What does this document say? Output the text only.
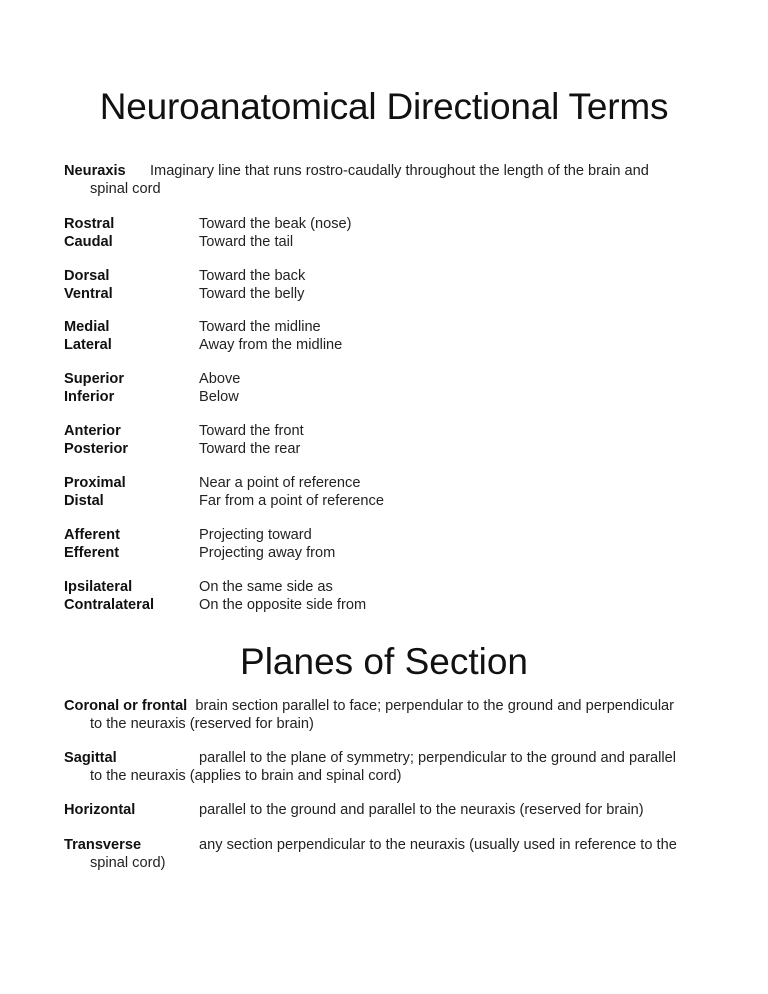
Neuroanatomical Directional Terms
Neuraxis Imaginary line that runs rostro-caudally throughout the length of the brain and
spinal cord
Rostral	Toward the beak (nose)
Caudal	Toward the tail
Dorsal	Toward the back
Ventral	Toward the belly
Medial	Toward the midline
Lateral	Away from the midline
Superior	Above
Inferior	Below
Anterior	Toward the front
Posterior	Toward the rear
Proximal	Near a point of reference
Distal	Far from a point of reference
Afferent	Projecting toward
Efferent	Projecting away from
Ipsilateral	On the same side as
Contralateral	On the opposite side from
Planes of Section
Coronal or frontal brain section parallel to face; perpendular to the ground and perpendicular
to the neuraxis (reserved for brain)
Sagittal	parallel to the plane of symmetry; perpendicular to the ground and parallel
to the neuraxis (applies to brain and spinal cord)
Horizontal	parallel to the ground and parallel to the neuraxis (reserved for brain)
Transverse	any section perpendicular to the neuraxis (usually used in reference to the
spinal cord)
